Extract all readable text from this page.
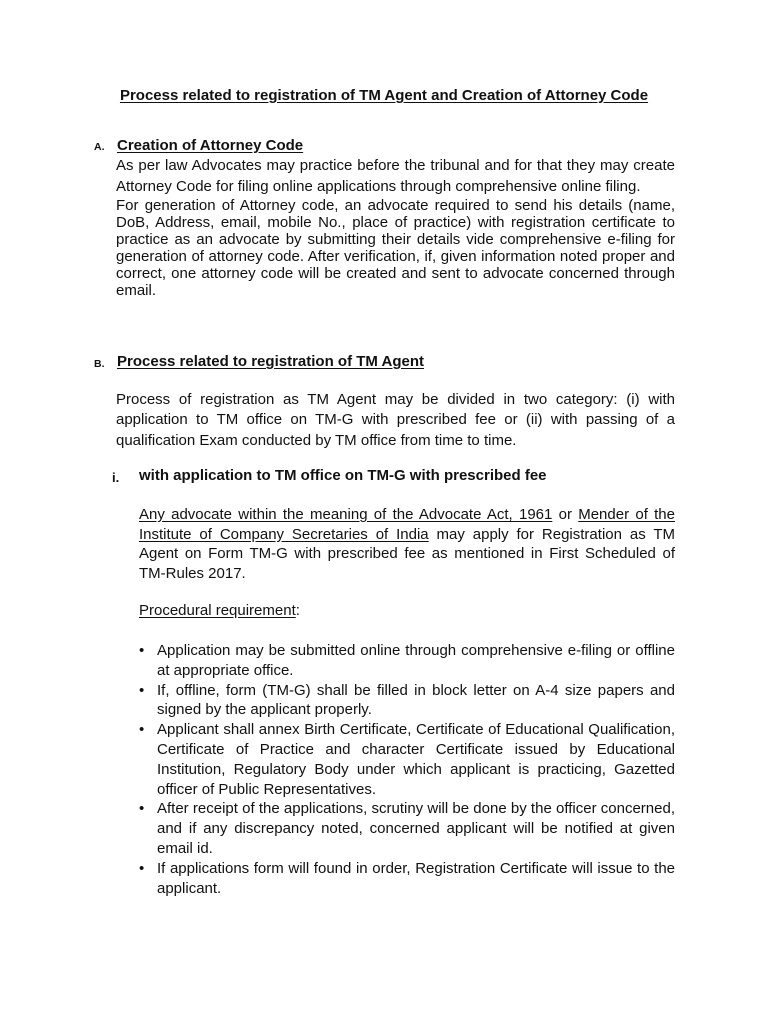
Process related to registration of TM Agent and Creation of Attorney Code
A. Creation of Attorney Code

As per law Advocates may practice before the tribunal and for that they may create Attorney Code for filing online applications through comprehensive online filing.

For generation of Attorney code, an advocate required to send his details (name, DoB, Address, email, mobile No., place of practice) with registration certificate to practice as an advocate by submitting their details vide comprehensive e-filing for generation of attorney code. After verification, if, given information noted proper and correct, one attorney code will be created and sent to advocate concerned through email.

B. Process related to registration of TM Agent
Process of registration as TM Agent may be divided in two category: (i) with application to TM office on TM-G with prescribed fee or (ii) with passing of a qualification Exam conducted by TM office from time to time.
i. with application to TM office on TM-G with prescribed fee
Any advocate within the meaning of the Advocate Act, 1961 or Mender of the Institute of Company Secretaries of India may apply for Registration as TM Agent on Form TM-G with prescribed fee as mentioned in First Scheduled of TM-Rules 2017.
Procedural requirement:
• Application may be submitted online through comprehensive e-filing or offline at appropriate office.
• If, offline, form (TM-G) shall be filled in block letter on A-4 size papers and signed by the applicant properly.
• Applicant shall annex Birth Certificate, Certificate of Educational Qualification, Certificate of Practice and character Certificate issued by Educational Institution, Regulatory Body under which applicant is practicing, Gazetted officer of Public Representatives.
• After receipt of the applications, scrutiny will be done by the officer concerned, and if any discrepancy noted, concerned applicant will be notified at given email id.
• If applications form will found in order, Registration Certificate will issue to the applicant.
